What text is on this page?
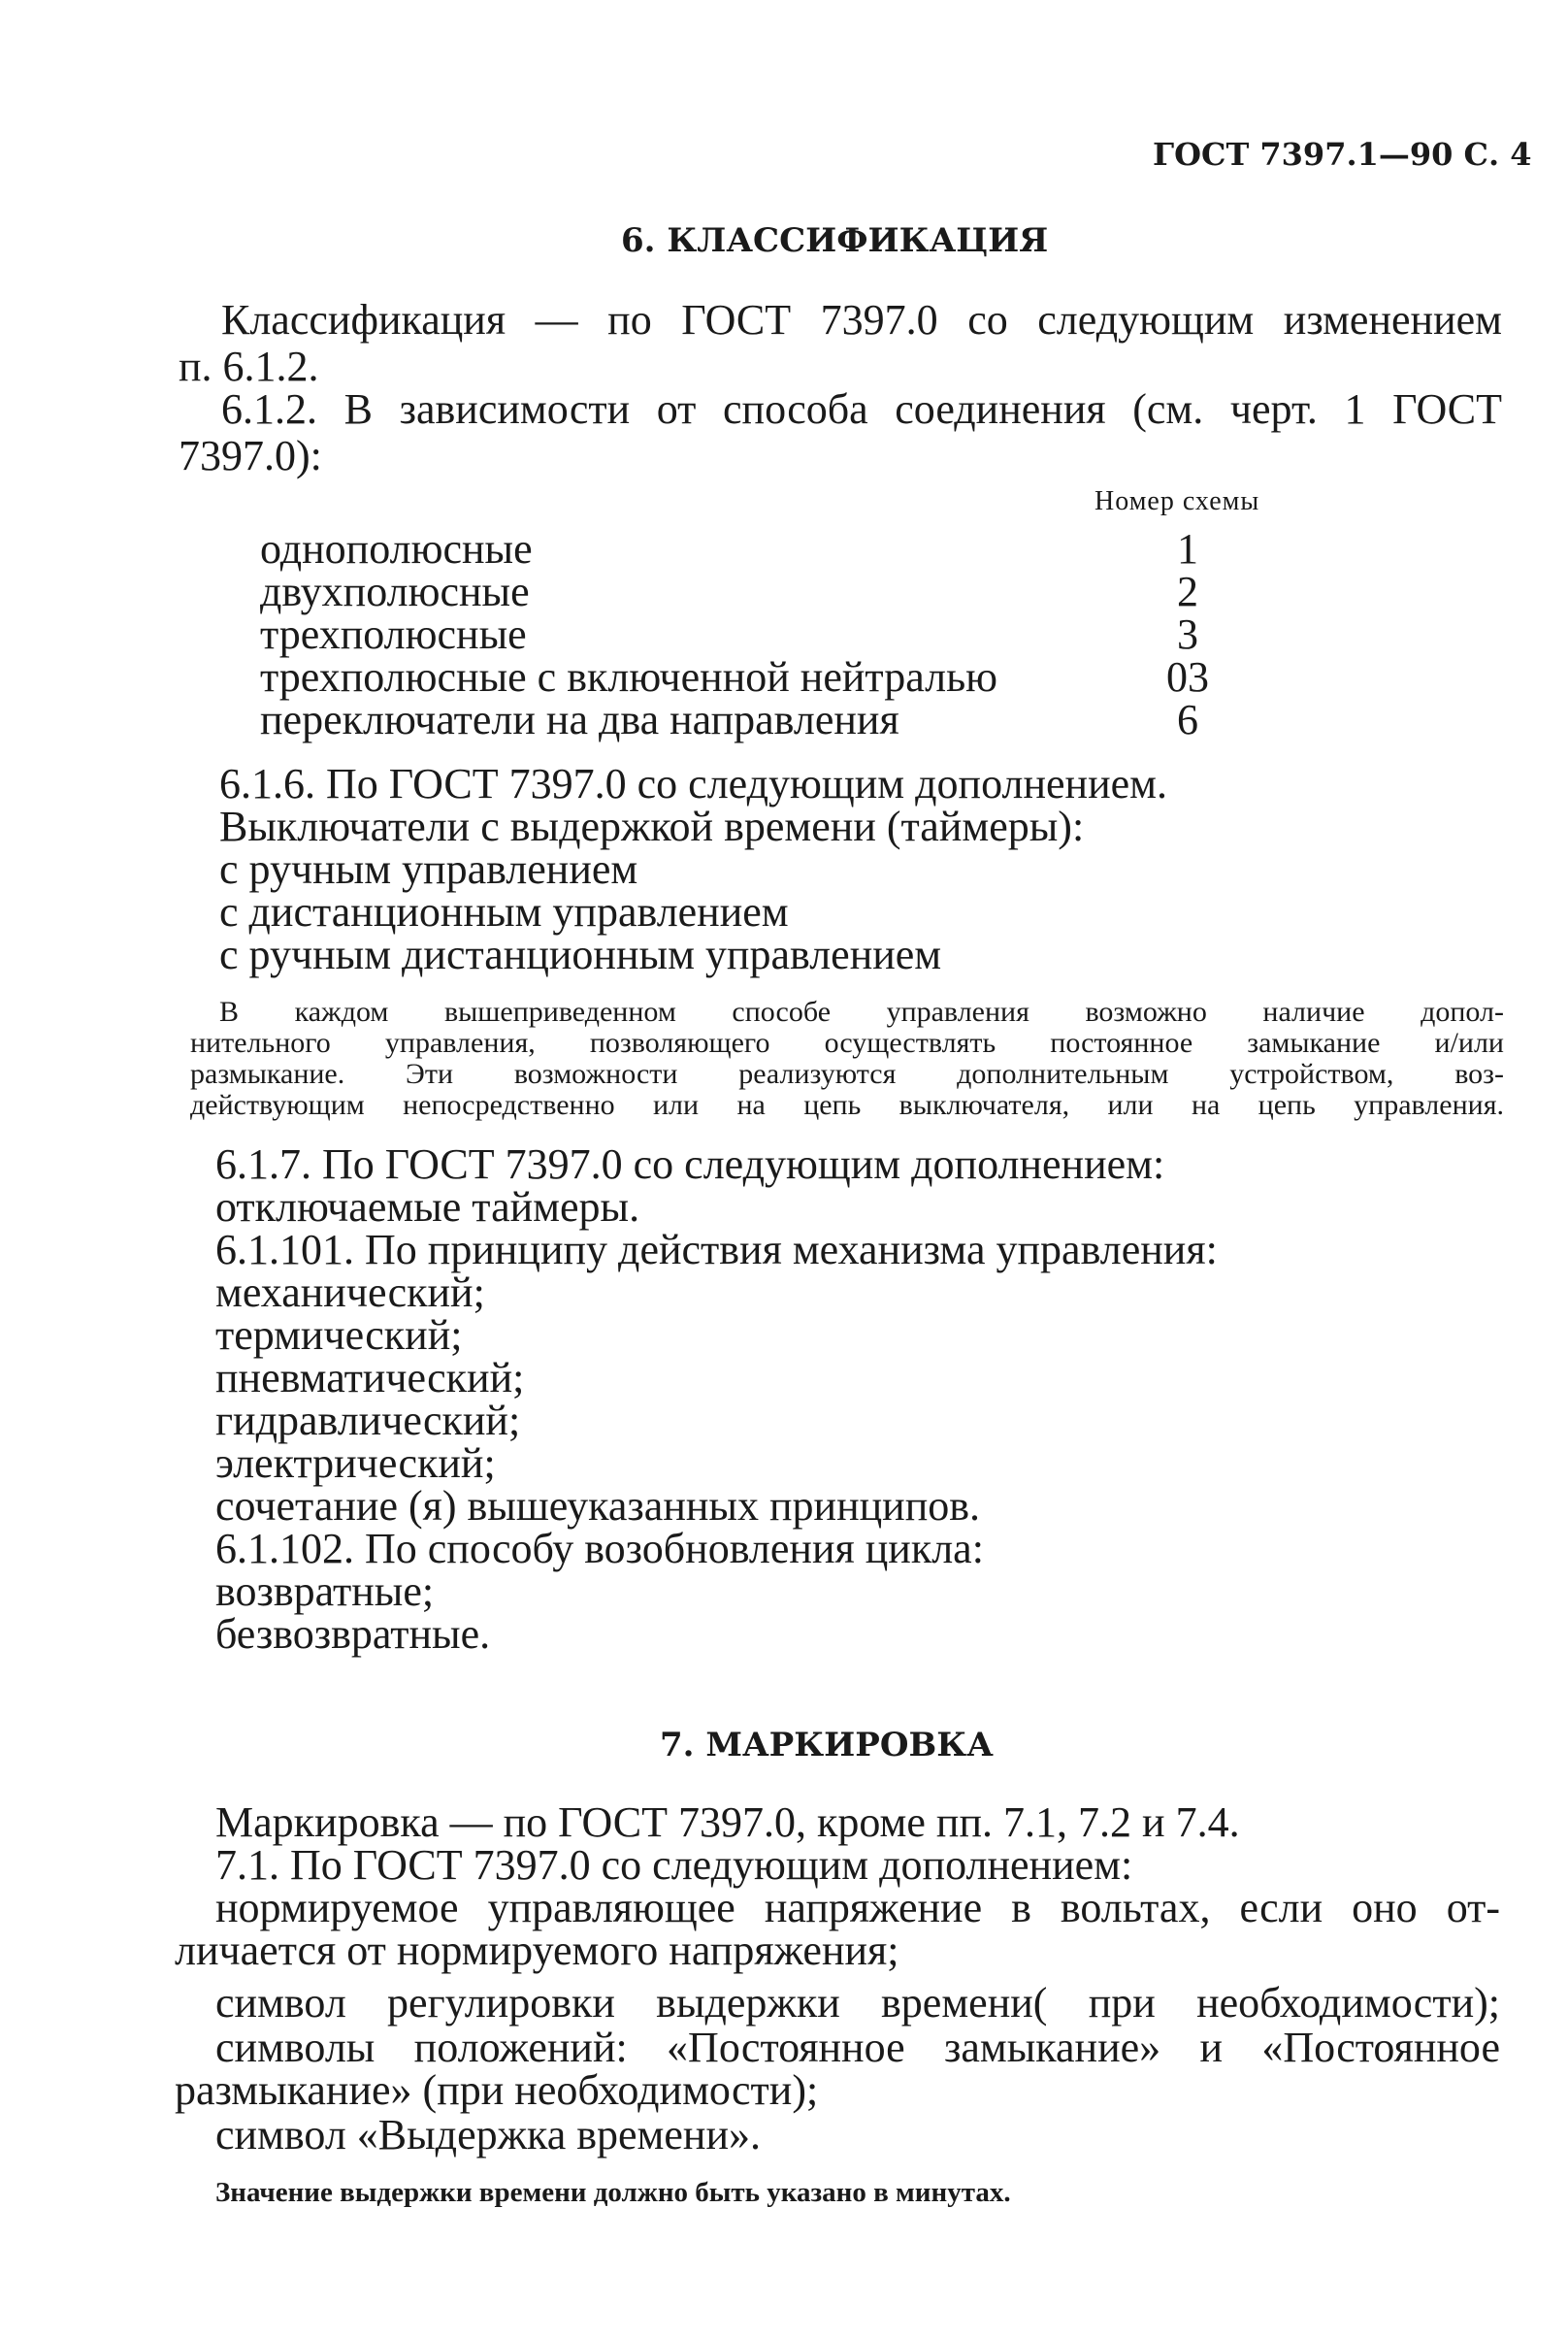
ГОСТ 7397.1—90 С. 4
6. КЛАССИФИКАЦИЯ
Классификация — по ГОСТ 7397.0 со следующим изменением
п. 6.1.2.
6.1.2. В зависимости от способа соединения (см. черт. 1 ГОСТ
7397.0):
Номер схемы
однополюсные	1
двухполюсные	2
трехполюсные	3
трехполюсные с включенной нейтралью	03
переключатели на два направления	6
6.1.6. По ГОСТ 7397.0 со следующим дополнением.
Выключатели с выдержкой времени (таймеры):
с ручным управлением
с дистанционным управлением
с ручным дистанционным управлением
В каждом вышеприведенном способе управления возможно наличие допол-
нительного управления, позволяющего осуществлять постоянное замыкание и/или
размыкание. Эти возможности реализуются дополнительным устройством, воз-
действующим непосредственно или на цепь выключателя, или на цепь управления.
6.1.7. По ГОСТ 7397.0 со следующим дополнением:
отключаемые таймеры.
6.1.101. По принципу действия механизма управления:
механический;
термический;
пневматический;
гидравлический;
электрический;
сочетание (я) вышеуказанных принципов.
6.1.102. По способу возобновления цикла:
возвратные;
безвозвратные.
7. МАРКИРОВКА
Маркировка — по ГОСТ 7397.0, кроме пп. 7.1, 7.2 и 7.4.
7.1. По ГОСТ 7397.0 со следующим дополнением:
нормируемое управляющее напряжение в вольтах, если оно от-
личается от нормируемого напряжения;
символ регулировки выдержки времени( при необходимости);
символы положений: «Постоянное замыкание» и «Постоянное
размыкание» (при необходимости);
символ «Выдержка времени».
Значение выдержки времени должно быть указано в минутах.
